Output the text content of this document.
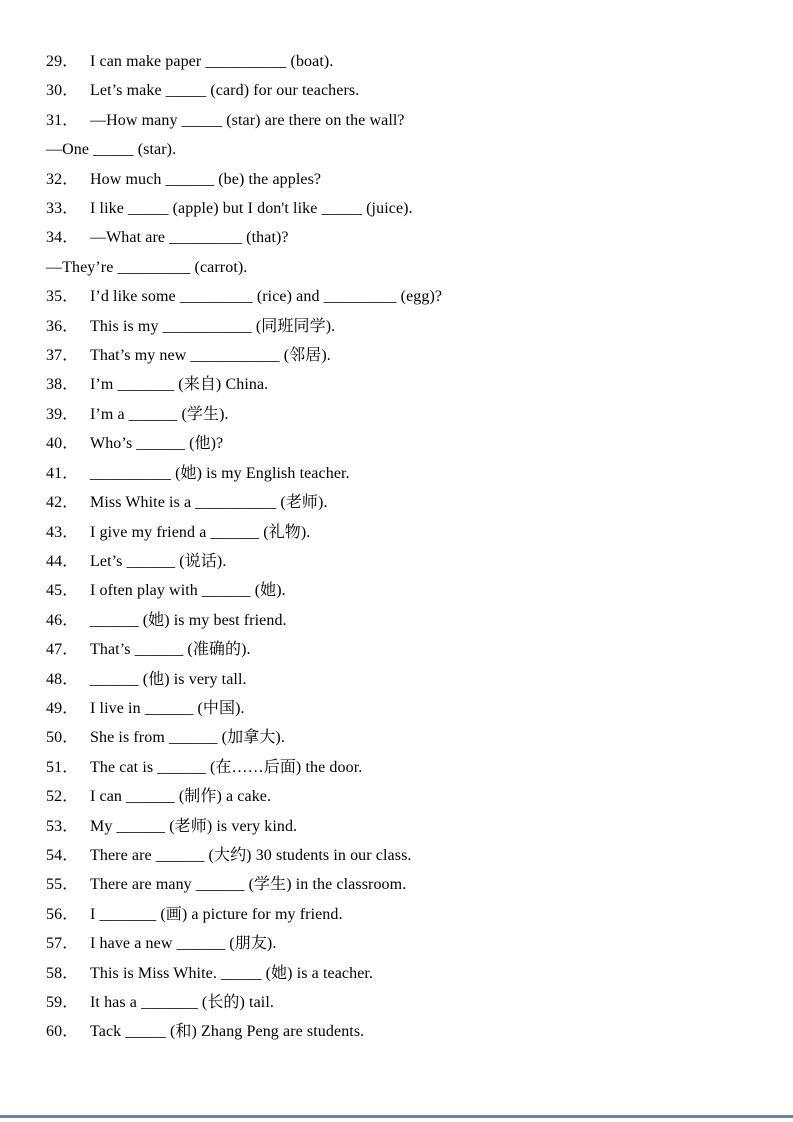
29． I can make paper __________ (boat).
30． Let’s make _____ (card) for our teachers.
31． —How many _____ (star) are there on the wall?
—One _____ (star).
32． How much ______ (be) the apples?
33． I like _____ (apple) but I don't like _____ (juice).
34． —What are _________ (that)?
—They’re _________ (carrot).
35． I’d like some _________ (rice) and _________ (egg)?
36． This is my ___________ (同班同学).
37． That’s my new ___________ (邻居).
38． I’m _______ (来自) China.
39． I’m a ______ (学生).
40． Who’s ______ (他)?
41． __________ (她) is my English teacher.
42． Miss White is a __________ (老师).
43． I give my friend a ______ (礼物).
44． Let’s ______ (说话).
45． I often play with ______ (她).
46． ______ (她) is my best friend.
47． That’s ______ (准确的).
48． ______ (他) is very tall.
49． I live in ______ (中国).
50． She is from ______ (加拿大).
51． The cat is ______ (在……后面) the door.
52． I can ______ (制作) a cake.
53． My ______ (老师) is very kind.
54． There are ______ (大约) 30 students in our class.
55． There are many ______ (学生) in the classroom.
56． I _______ (画) a picture for my friend.
57． I have a new ______ (朋友).
58． This is Miss White. _____ (她) is a teacher.
59． It has a _______ (长的) tail.
60． Tack _____ (和) Zhang Peng are students.
